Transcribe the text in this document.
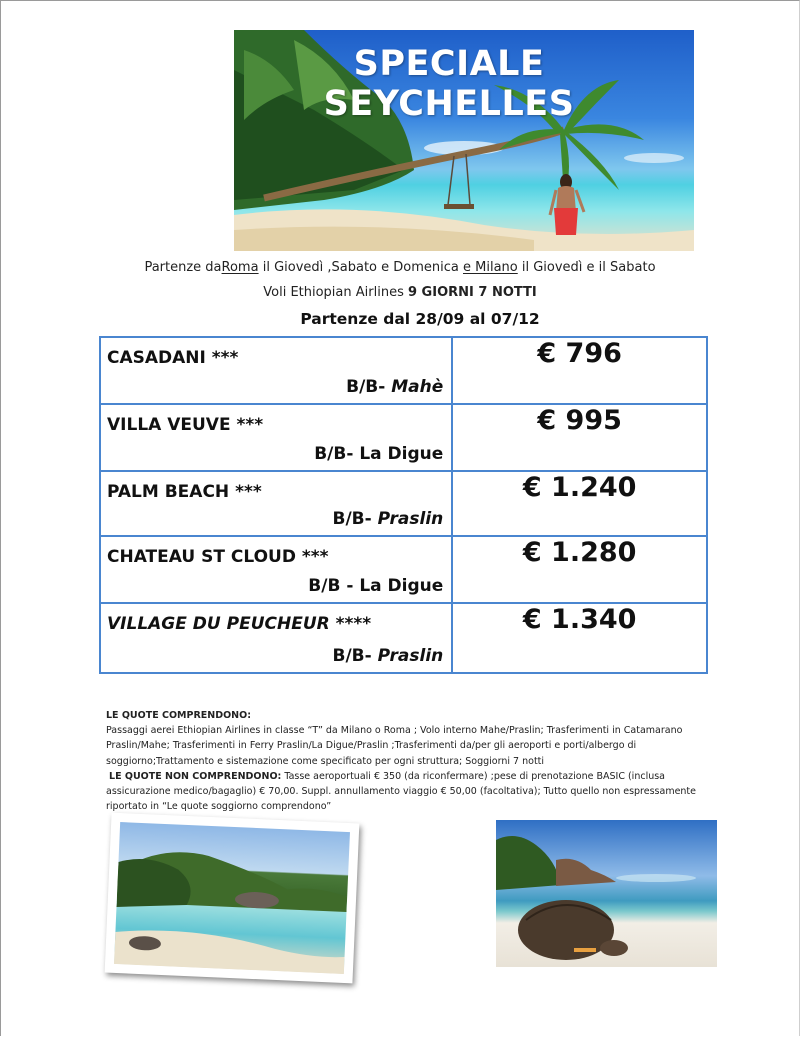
SPECIALE SEYCHELLES
Partenze daRoma il Giovedì ,Sabato e Domenica e Milano il Giovedì e il Sabato
Voli Ethiopian Airlines 9 GIORNI 7 NOTTI
Partenze dal 28/09 al 07/12
CASADANI ***
B/B- Mahè	€ 796

VILLA VEUVE ***
B/B- La Digue	€ 995

PALM BEACH ***
B/B- Praslin	€ 1.240

CHATEAU ST CLOUD ***
B/B - La Digue	€ 1.280

VILLAGE DU PEUCHEUR ****
B/B- Praslin	€ 1.340
LE QUOTE COMPRENDONO:
Passaggi aerei Ethiopian Airlines in classe “T” da Milano o Roma ; Volo interno Mahe/Praslin; Trasferimenti in Catamarano Praslin/Mahe; Trasferimenti in Ferry Praslin/La Digue/Praslin ;Trasferimenti da/per gli aeroporti e porti/albergo di soggiorno;Trattamento e sistemazione come specificato per ogni struttura; Soggiorni 7 notti
LE QUOTE NON COMPRENDONO: Tasse aeroportuali € 350 (da riconfermare) ;pese di prenotazione BASIC (inclusa assicurazione medico/bagaglio) € 70,00. Suppl. annullamento viaggio € 50,00 (facoltativa); Tutto quello non espressamente riportato in “Le quote soggiorno comprendono”
